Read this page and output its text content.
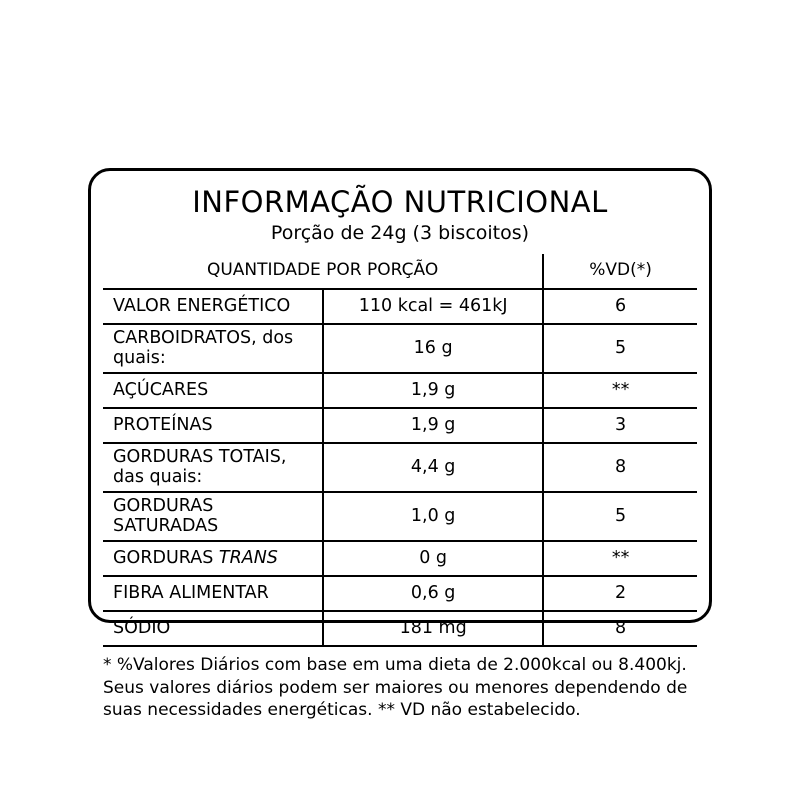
INFORMAÇÃO NUTRICIONAL
Porção de 24g (3 biscoitos)
QUANTIDADE POR PORÇÃO		%VD(*)
VALOR ENERGÉTICO	110 kcal = 461kJ	6
CARBOIDRATOS, dos quais:	16 g	5
AÇÚCARES	1,9 g	**
PROTEÍNAS	1,9 g	3
GORDURAS TOTAIS, das quais:	4,4 g	8
GORDURAS SATURADAS	1,0 g	5
GORDURAS TRANS	0 g	**
FIBRA ALIMENTAR	0,6 g	2
SÓDIO	181 mg	8

* %Valores Diários com base em uma dieta de 2.000kcal ou 8.400kj.

Seus valores diários podem ser maiores ou menores dependendo de

suas necessidades energéticas. ** VD não estabelecido.
